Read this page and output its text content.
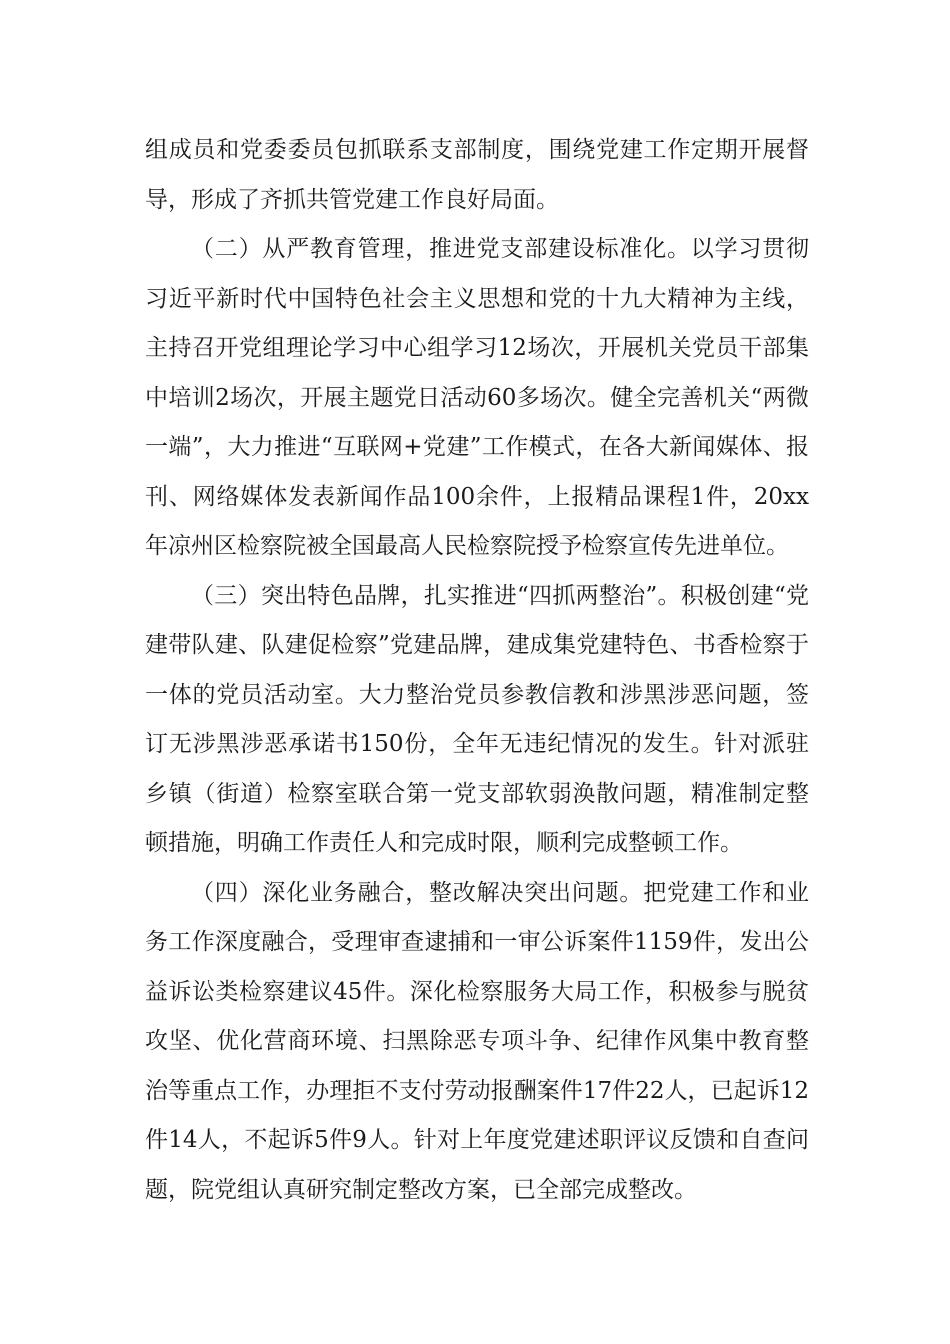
组成员和党委委员包抓联系支部制度，围绕党建工作定期开展督导，形成了齐抓共管党建工作良好局面。

（二）从严教育管理，推进党支部建设标准化。以学习贯彻习近平新时代中国特色社会主义思想和党的十九大精神为主线，主持召开党组理论学习中心组学习12场次，开展机关党员干部集中培训2场次，开展主题党日活动60多场次。健全完善机关“两微一端”，大力推进“互联网+党建”工作模式，在各大新闻媒体、报刊、网络媒体发表新闻作品100余件，上报精品课程1件，20xx年凉州区检察院被全国最高人民检察院授予检察宣传先进单位。

（三）突出特色品牌，扎实推进“四抓两整治”。积极创建“党建带队建、队建促检察”党建品牌，建成集党建特色、书香检察于一体的党员活动室。大力整治党员参教信教和涉黑涉恶问题，签订无涉黑涉恶承诺书150份，全年无违纪情况的发生。针对派驻乡镇（街道）检察室联合第一党支部软弱涣散问题，精准制定整顿措施，明确工作责任人和完成时限，顺利完成整顿工作。

（四）深化业务融合，整改解决突出问题。把党建工作和业务工作深度融合，受理审查逮捕和一审公诉案件1159件，发出公益诉讼类检察建议45件。深化检察服务大局工作，积极参与脱贫攻坚、优化营商环境、扫黑除恶专项斗争、纪律作风集中教育整治等重点工作，办理拒不支付劳动报酬案件17件22人，已起诉12件14人，不起诉5件9人。针对上年度党建述职评议反馈和自查问题，院党组认真研究制定整改方案，已全部完成整改。
